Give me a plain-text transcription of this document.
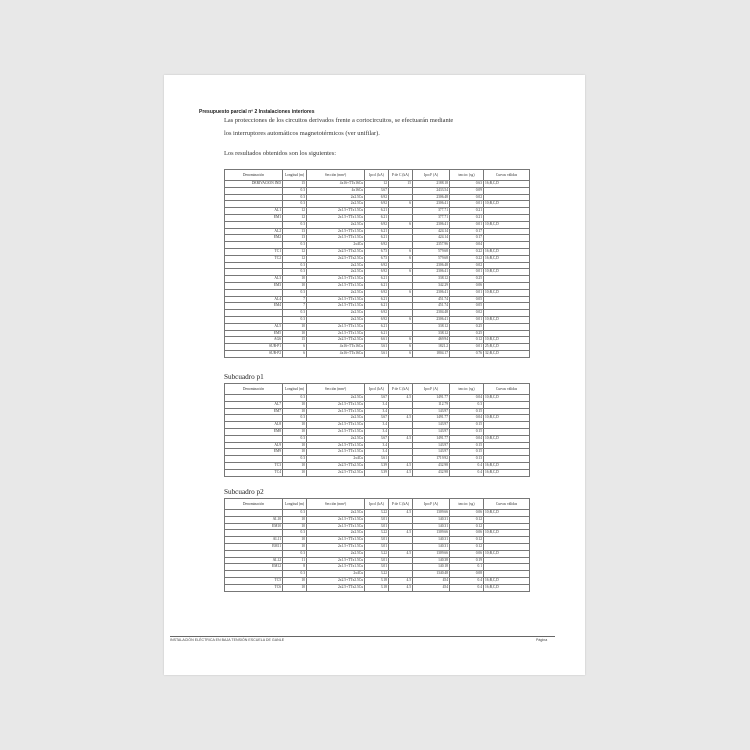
Presupuesto parcial nº 2 Instalaciones interiores
Las protecciones de los circuitos derivados frente a cortocircuitos, se efectuarán mediante
los interruptores automáticos magnetotérmicos (ver unifilar).
Los resultados obtenidos son los siguientes:
Denominación	Longitud (m)	Sección (mm²)	Ipccl (kA)	P de C (kA)	IpccF (A)	tmcicc (sg)	Curvas válidas
DERIVACIÓN IND	15	4x16+TTx16Cu	12	15	2188.18	0.63	16;B,C,D
	0.3	4x16Cu	3.67		2433.54	0.09	
	0.3	2x2.5Cu	6.92		2306.48	0.02	
	0.3	2x2.5Cu	6.92	6	2306.41	0.01	10;B,C,D
AL1	12	2x1.5+TTx1.5Cu	6.21		377.71	0.21	
EM1	12	2x1.5+TTx1.5Cu	6.21		377.71	0.21	
	0.3	2x2.5Cu	6.92	6	2306.41	0.01	10;B,C,D
AL2	13	2x1.5+TTx1.5Cu	6.21		424.14	0.17	
EM2	13	2x1.5+TTx1.5Cu	6.21		424.14	0.17	
	0.3	2x4Cu	6.92		2357.96	0.04	
TC1	12	2x2.5+TTx2.5Cu	6.73	6	579.68	0.22	16;B,C,D
TC2	12	2x2.5+TTx2.5Cu	6.73	6	579.68	0.22	16;B,C,D
	0.3	2x2.5Cu	6.92		2306.48	0.02	
	0.3	2x2.5Cu	6.92	6	2306.41	0.01	10;B,C,D
AL3	10	2x1.5+TTx1.5Cu	6.21		338.12	0.25	
EM3	10	2x1.5+TTx1.5Cu	6.21		342.29	0.06	
	0.3	2x2.5Cu	6.92	6	2306.41	0.01	10;B,C,D
AL4	7	2x1.5+TTx1.5Cu	6.21		451.74	0.05	
EM4	7	2x1.5+TTx1.5Cu	6.21		451.74	0.05	
	0.3	2x2.5Cu	6.92		2304.48	0.02	
	0.3	2x2.5Cu	6.92	6	2306.41	0.01	10;B,C,D
AL5	10	2x1.5+TTx1.5Cu	6.21		338.12	0.25	
EM5	10	2x1.5+TTx1.5Cu	6.21		338.12	0.25	
AG6	15	2x2.5+TTx2.5Cu	6.61	6	469.94	0.12	10;B,C,D
SUB-P1	6	4x16+TTx16Cu	3.61	6	1821.2	0.01	25;B,C,D
SUB-P2	6	4x16+TTx16Cu	3.61	6	1804.17	0.76	32;B,C,D
Subcuadro p1
Denominación	Longitud (m)	Sección (mm²)	Ipccl (kA)	P de C (kA)	IpccF (A)	tmcicc (sg)	Curvas válidas
	0.3	2x2.5Cu	3.67	4.5	1491.77	0.04	10;B,C,D
AL7	10	2x1.5+TTx1.5Cu	3.4		112.79	0.3	
EM7	10	2x1.5+TTx1.5Cu	3.4		143.97	0.15	
	0.3	2x2.5Cu	3.67	4.5	1491.77	0.04	10;B,C,D
AL8	10	2x1.5+TTx1.5Cu	3.4		143.97	0.15	
EM8	10	2x1.5+TTx1.5Cu	3.4		143.97	0.15	
	0.3	2x2.5Cu	3.67	4.5	1491.77	0.04	10;B,C,D
AL9	10	2x1.5+TTx1.5Cu	3.4		143.97	0.15	
EM9	10	2x1.5+TTx1.5Cu	3.4		143.97	0.15	
	0.3	2x4Cu	3.61		1719.92	0.13	
TC3	10	2x2.5+TTx2.5Cu	3.39	4.5	432.98	0.4	16;B,C,D
TC4	10	2x2.5+TTx2.5Cu	3.39	4.5	432.98	0.4	16;B,C,D
Subcuadro p2
Denominación	Longitud (m)	Sección (mm²)	Ipccl (kA)	P de C (kA)	IpccF (A)	tmcicc (sg)	Curvas válidas
	0.3	2x2.5Cu	3.22	4.5	1309.66	0.06	10;B,C,D
AL10	10	2x1.5+TTx1.5Cu	3.01		140.31	0.12	
EM10	10	2x1.5+TTx1.5Cu	3.01		140.31	0.12	
	0.3	2x2.5Cu	3.22	4.5	1309.66	0.06	10;B,C,D
AL11	10	2x1.5+TTx1.5Cu	3.01		140.31	0.12	
EM11	10	2x1.5+TTx1.5Cu	3.01		140.31	0.12	
	0.3	2x2.5Cu	3.22	4.5	1309.66	0.06	10;B,C,D
AL12	11	2x1.5+TTx1.5Cu	3.01		140.38	0.19	
EM12	8	2x1.5+TTx1.5Cu	3.01		140.18	0.1	
	0.3	2x4Cu	3.22		1340.48	0.08	
TC5	10	2x2.5+TTx2.5Cu	3.18	4.5	454	0.4	16;B,C,D
TC6	10	2x2.5+TTx2.5Cu	3.18	4.5	454	0.4	16;B,C,D
INSTALACIÓN ELÉCTRICA EN BAJA TENSIÓN ESCUELA DE GANLE	Página
